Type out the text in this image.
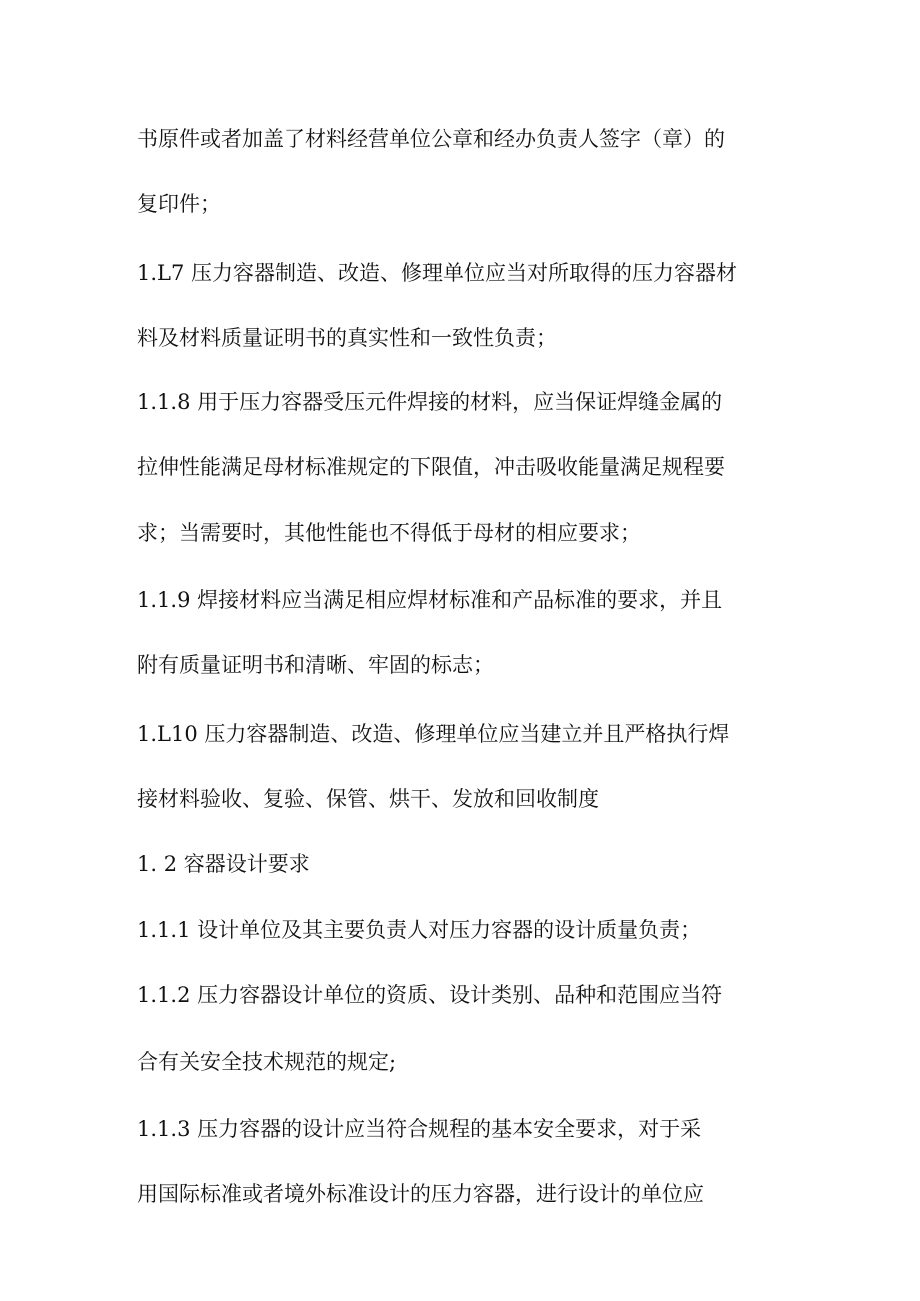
书原件或者加盖了材料经营单位公章和经办负责人签字（章）的
复印件；
1.L7 压力容器制造、改造、修理单位应当对所取得的压力容器材
料及材料质量证明书的真实性和一致性负责；
1.1.8 用于压力容器受压元件焊接的材料，应当保证焊缝金属的
拉伸性能满足母材标准规定的下限值，冲击吸收能量满足规程要
求；当需要时，其他性能也不得低于母材的相应要求；
1.1.9 焊接材料应当满足相应焊材标准和产品标准的要求，并且
附有质量证明书和清晰、牢固的标志；
1.L10 压力容器制造、改造、修理单位应当建立并且严格执行焊
接材料验收、复验、保管、烘干、发放和回收制度
1. 2 容器设计要求
1.1.1 设计单位及其主要负责人对压力容器的设计质量负责；
1.1.2 压力容器设计单位的资质、设计类别、品种和范围应当符
合有关安全技术规范的规定;
1.1.3 压力容器的设计应当符合规程的基本安全要求，对于采
用国际标准或者境外标准设计的压力容器，进行设计的单位应
